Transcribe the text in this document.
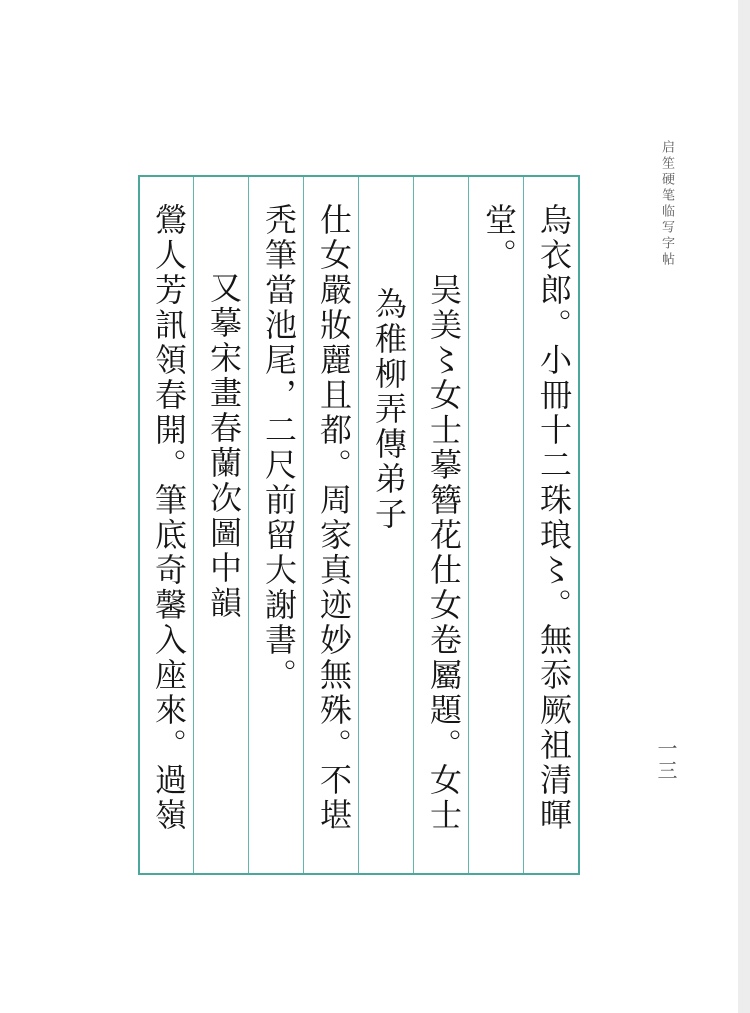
启笙硬笔临写字帖
一三
烏衣郎。小冊十二珠琅〻。無忝厥祖清暉
堂。
吴美〻女士摹簪花仕女卷屬題。女士
為稚柳弄傳弟子
仕女嚴妝麗且都。周家真迹妙無殊。不堪
秃筆當池尾，二尺前留大謝書。
又摹宋畫春蘭次圖中韻
鶯人芳訊領春開。筆底奇馨入座來。過嶺
